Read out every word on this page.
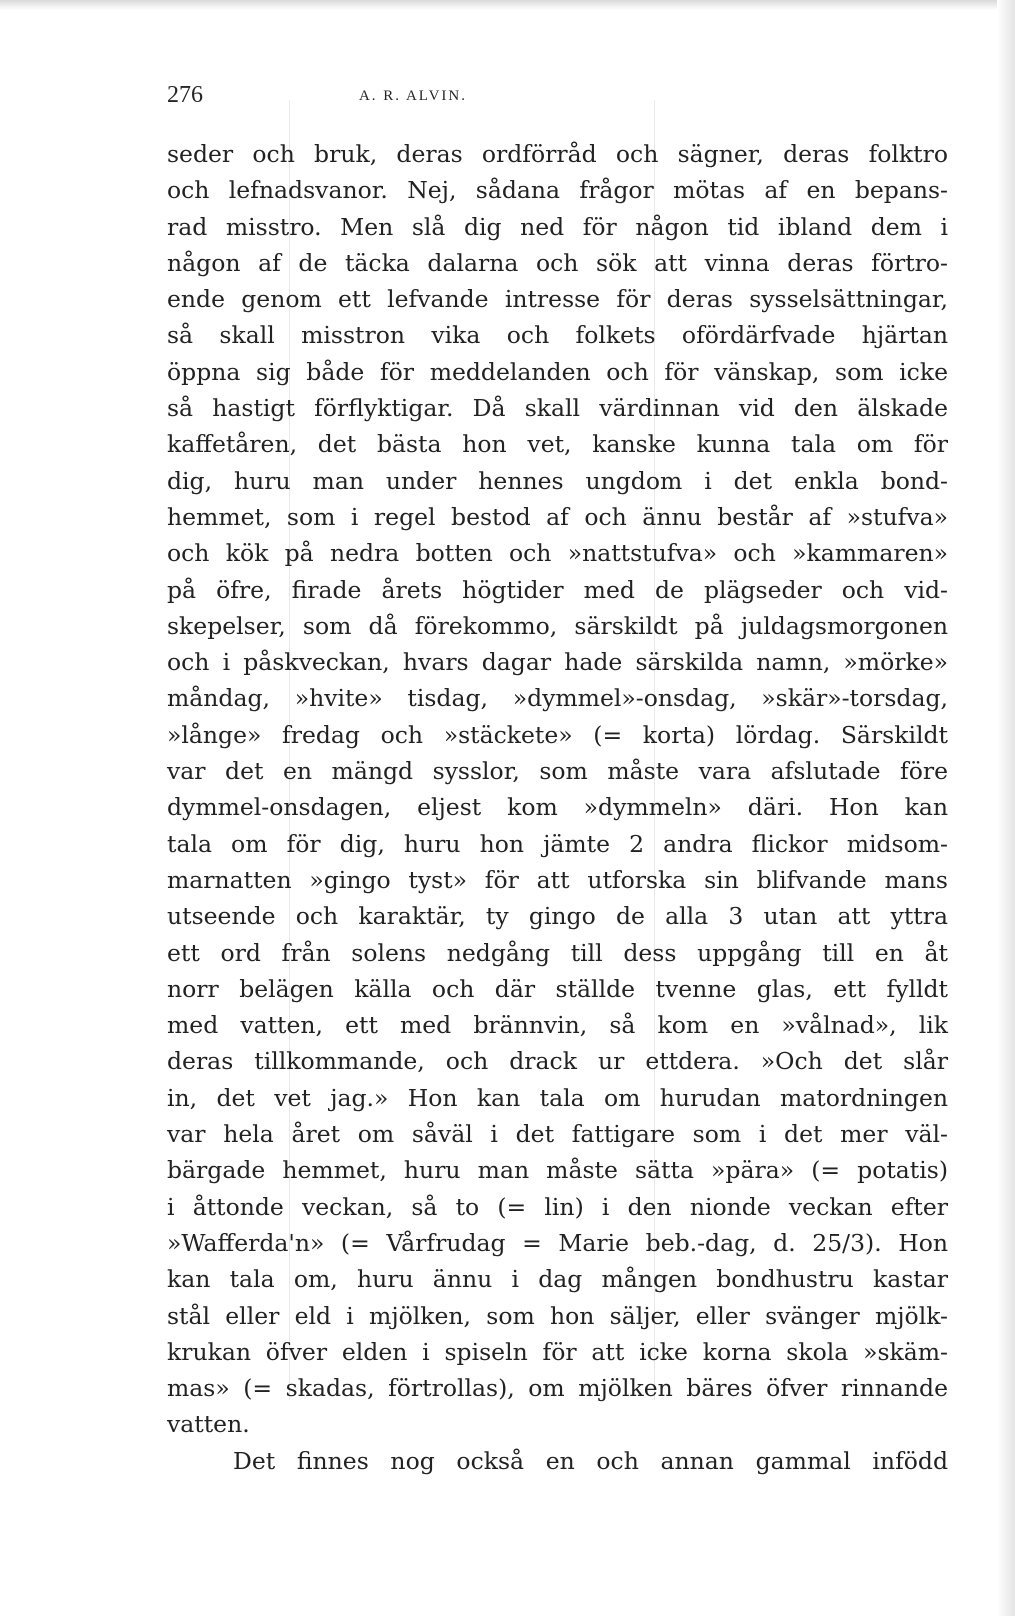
276	A. R. ALVIN.
seder och bruk, deras ordförråd och sägner, deras folktro
och lefnadsvanor. Nej, sådana frågor mötas af en bepans-
rad misstro. Men slå dig ned för någon tid ibland dem i
någon af de täcka dalarna och sök att vinna deras förtro-
ende genom ett lefvande intresse för deras sysselsättningar,
så skall misstron vika och folkets ofördärfvade hjärtan
öppna sig både för meddelanden och för vänskap, som icke
så hastigt förflyktigar. Då skall värdinnan vid den älskade
kaffetåren, det bästa hon vet, kanske kunna tala om för
dig, huru man under hennes ungdom i det enkla bond-
hemmet, som i regel bestod af och ännu består af »stufva»
och kök på nedra botten och »nattstufva» och »kammaren»
på öfre, firade årets högtider med de plägseder och vid-
skepelser, som då förekommo, särskildt på juldagsmorgonen
och i påskveckan, hvars dagar hade särskilda namn, »mörke»
måndag, »hvite» tisdag, »dymmel»-onsdag, »skär»-torsdag,
»långe» fredag och »stäckete» (= korta) lördag. Särskildt
var det en mängd sysslor, som måste vara afslutade före
dymmel-onsdagen, eljest kom »dymmeln» däri. Hon kan
tala om för dig, huru hon jämte 2 andra flickor midsom-
marnatten »gingo tyst» för att utforska sin blifvande mans
utseende och karaktär, ty gingo de alla 3 utan att yttra
ett ord från solens nedgång till dess uppgång till en åt
norr belägen källa och där ställde tvenne glas, ett fylldt
med vatten, ett med brännvin, så kom en »vålnad», lik
deras tillkommande, och drack ur ettdera. »Och det slår
in, det vet jag.» Hon kan tala om hurudan matordningen
var hela året om såväl i det fattigare som i det mer väl-
bärgade hemmet, huru man måste sätta »pära» (= potatis)
i åttonde veckan, så to (= lin) i den nionde veckan efter
»Wafferda'n» (= Vårfrudag = Marie beb.-dag, d. 25/3). Hon
kan tala om, huru ännu i dag mången bondhustru kastar
stål eller eld i mjölken, som hon säljer, eller svänger mjölk-
krukan öfver elden i spiseln för att icke korna skola »skäm-
mas» (= skadas, förtrollas), om mjölken bäres öfver rinnande
vatten.
Det finnes nog också en och annan gammal infödd
